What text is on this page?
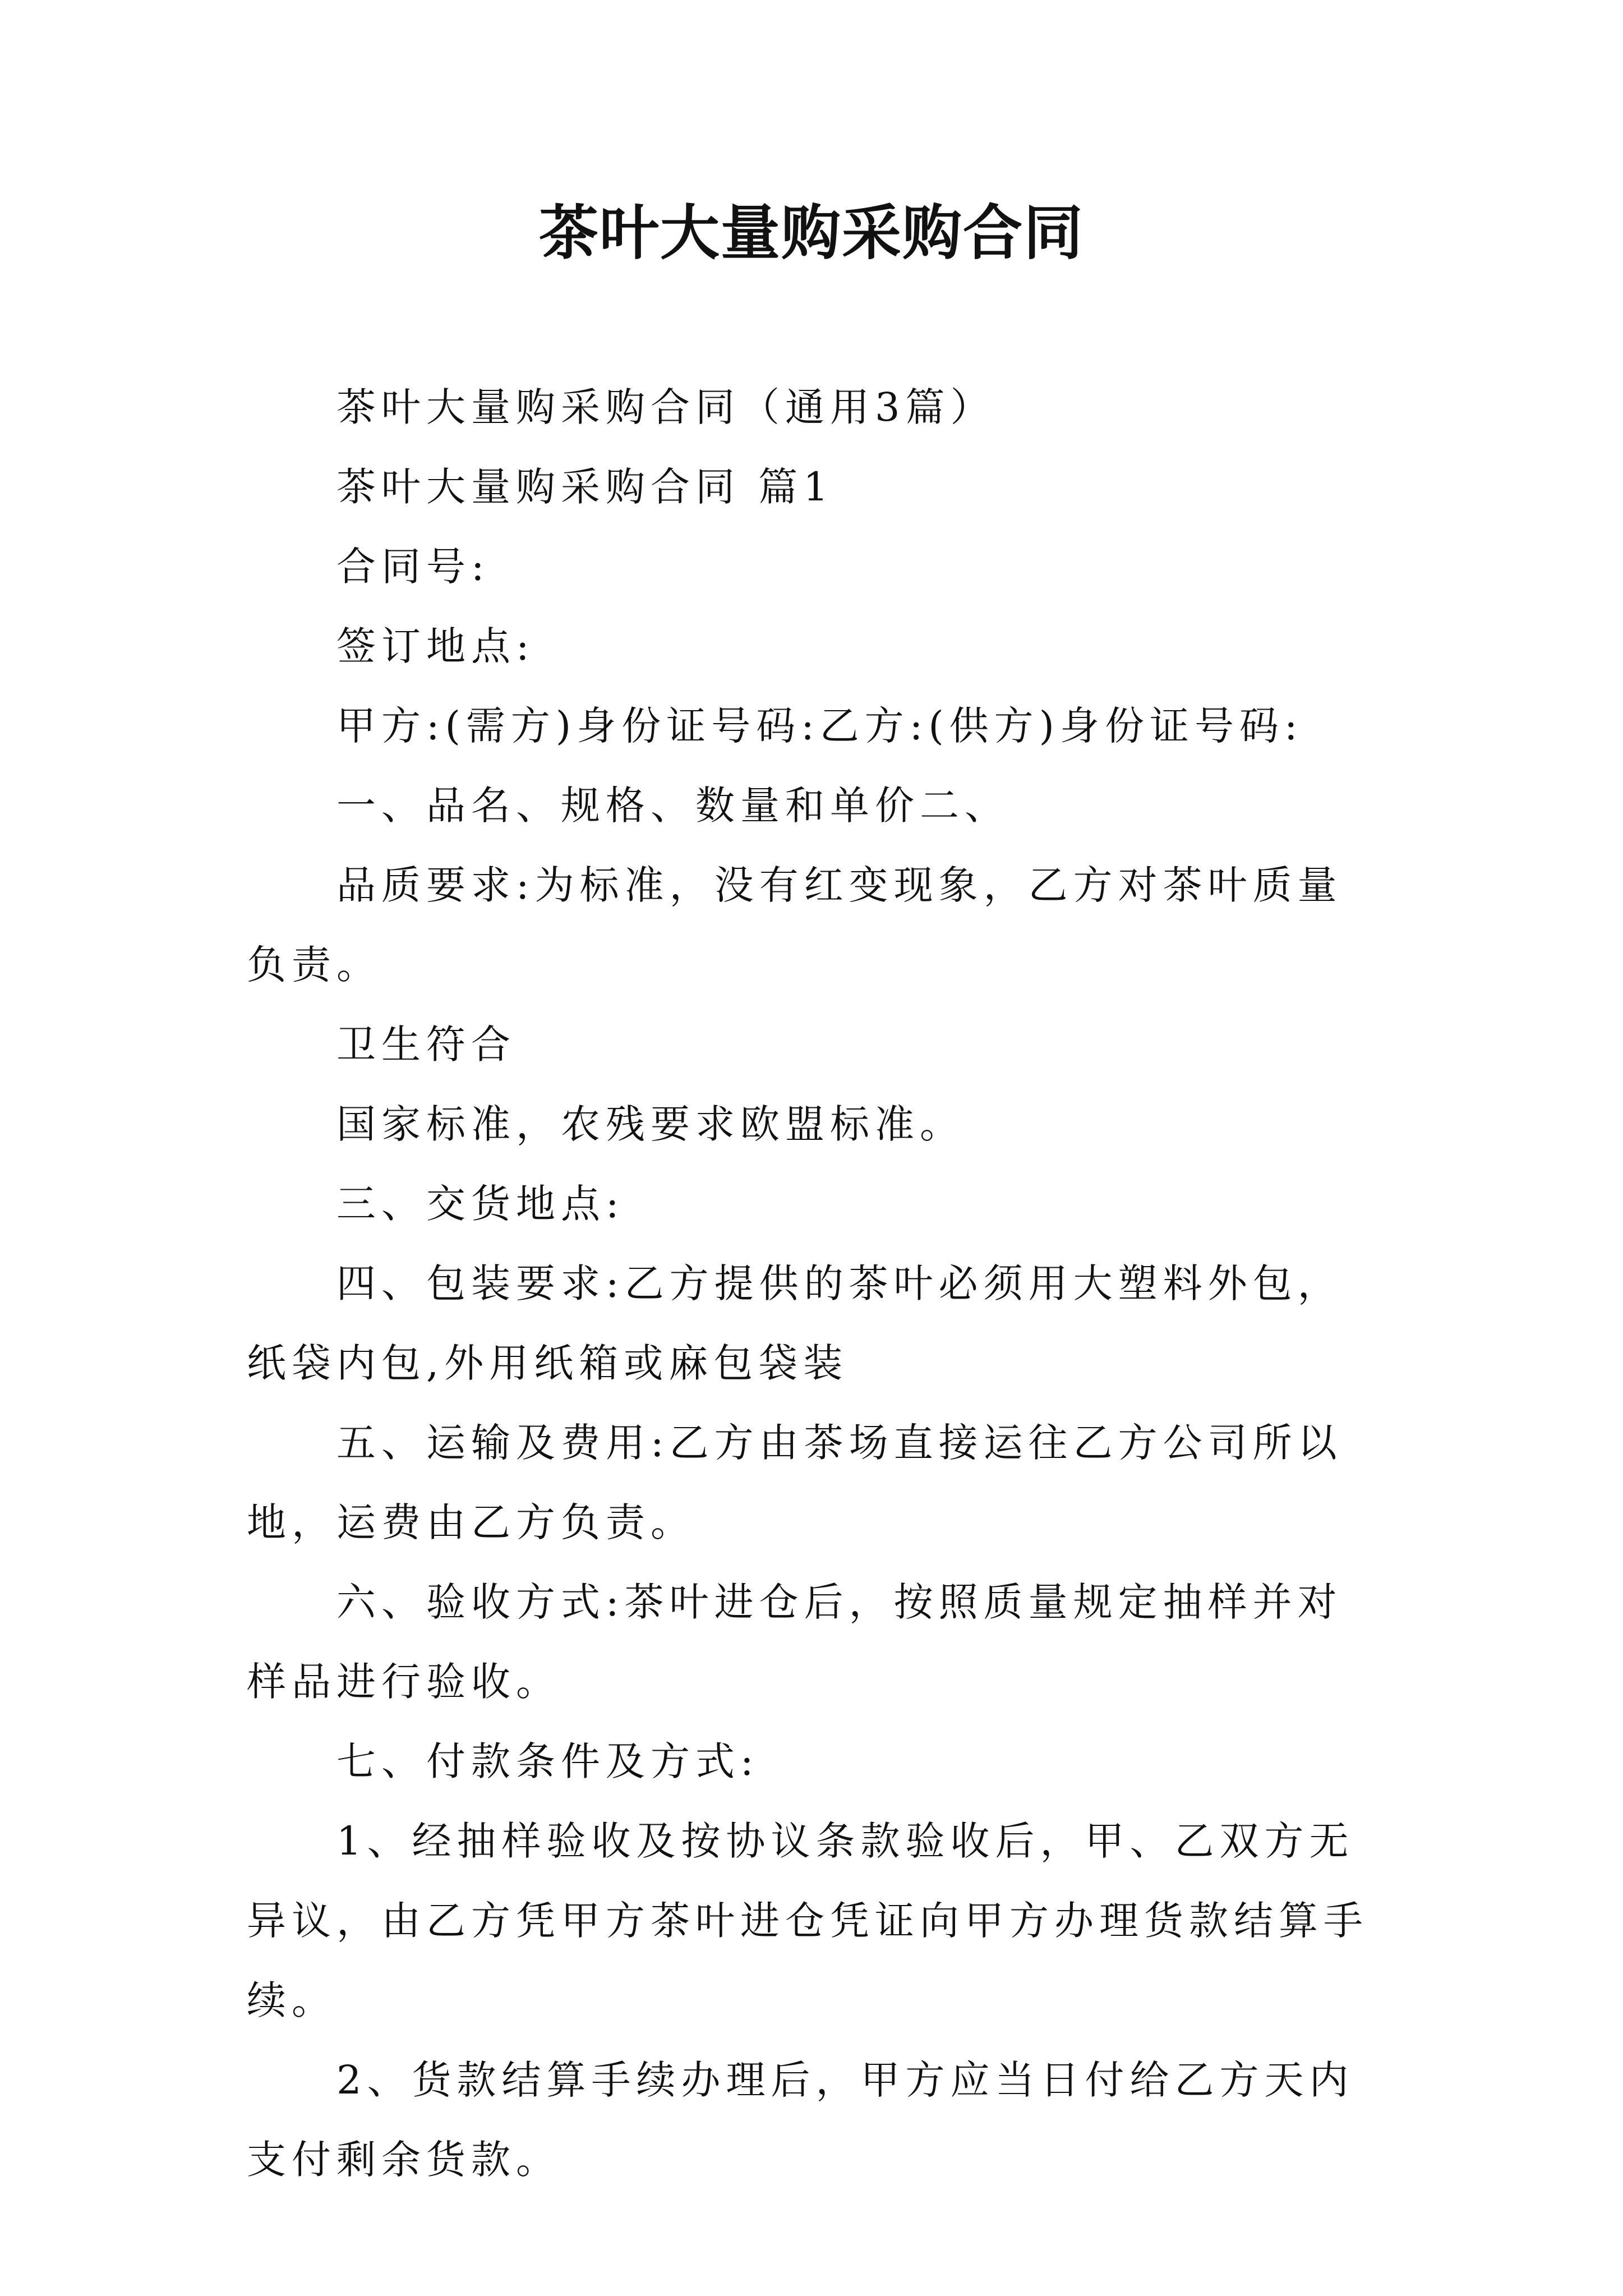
茶叶大量购采购合同

茶叶大量购采购合同（通用3篇）

茶叶大量购采购合同 篇1

合同号:

签订地点:

甲方:(需方)身份证号码:乙方:(供方)身份证号码:

一、品名、规格、数量和单价二、

品质要求:为标准，没有红变现象，乙方对茶叶质量负责。

卫生符合

国家标准，农残要求欧盟标准。

三、交货地点:

四、包装要求:乙方提供的茶叶必须用大塑料外包，纸袋内包,外用纸箱或麻包袋装

五、运输及费用:乙方由茶场直接运往乙方公司所以地，运费由乙方负责。

六、验收方式:茶叶进仓后，按照质量规定抽样并对样品进行验收。

七、付款条件及方式:

1、经抽样验收及按协议条款验收后，甲、乙双方无异议，由乙方凭甲方茶叶进仓凭证向甲方办理货款结算手续。

2、货款结算手续办理后，甲方应当日付给乙方天内支付剩余货款。
